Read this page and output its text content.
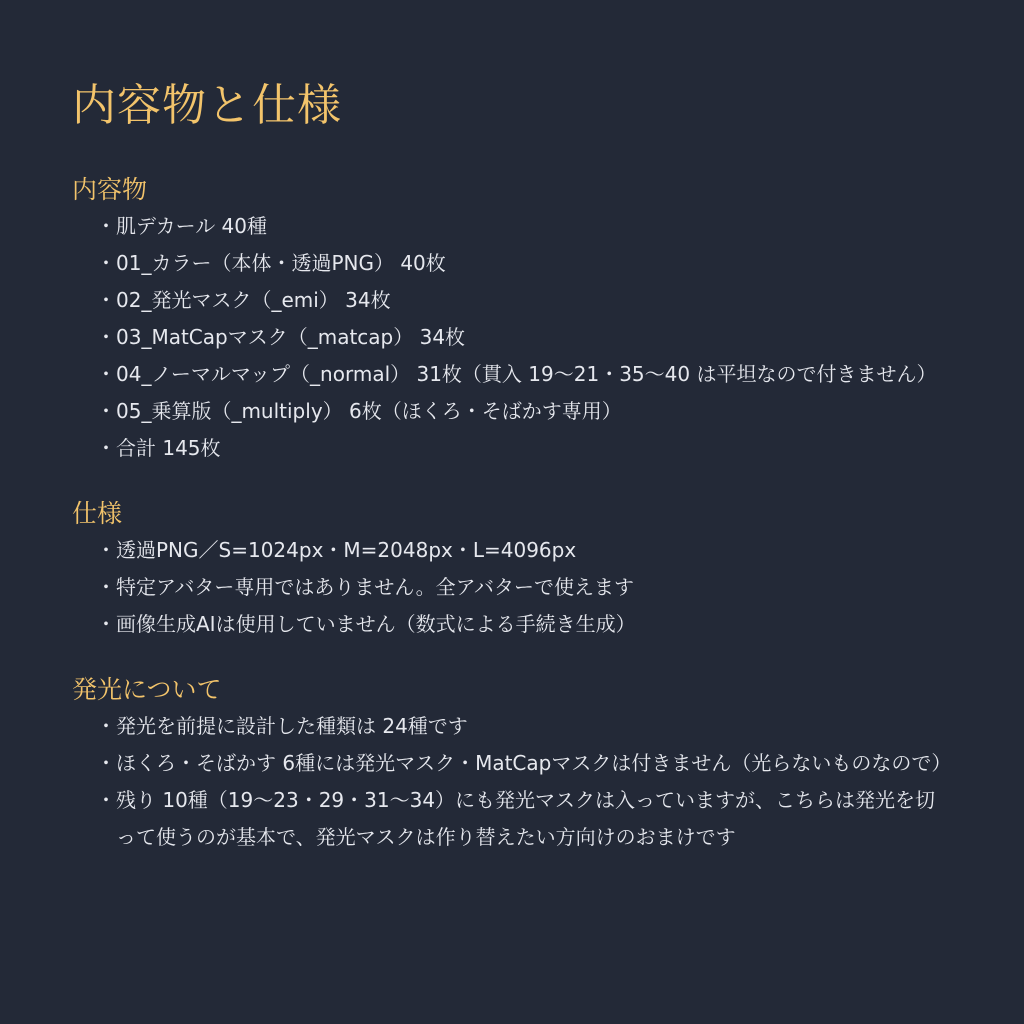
内容物と仕様
内容物
・ 肌デカール 40種
・ 01_カラー（本体・透過PNG） 40枚
・ 02_発光マスク（_emi） 34枚
・ 03_MatCapマスク（_matcap） 34枚
・ 04_ノーマルマップ（_normal） 31枚（貫入 19〜21・35〜40 は平坦なので付きません）
・ 05_乗算版（_multiply） 6枚（ほくろ・そばかす専用）
・ 合計 145枚
仕様
・ 透過PNG／S=1024px・M=2048px・L=4096px
・ 特定アバター専用ではありません。全アバターで使えます
・ 画像生成AIは使用していません（数式による手続き生成）
発光について
・ 発光を前提に設計した種類は 24種です
・ ほくろ・そばかす 6種には発光マスク・MatCapマスクは付きません（光らないものなので）
・ 残り 10種（19〜23・29・31〜34）にも発光マスクは入っていますが、こちらは発光を切って使うのが基本で、発光マスクは作り替えたい方向けのおまけです
